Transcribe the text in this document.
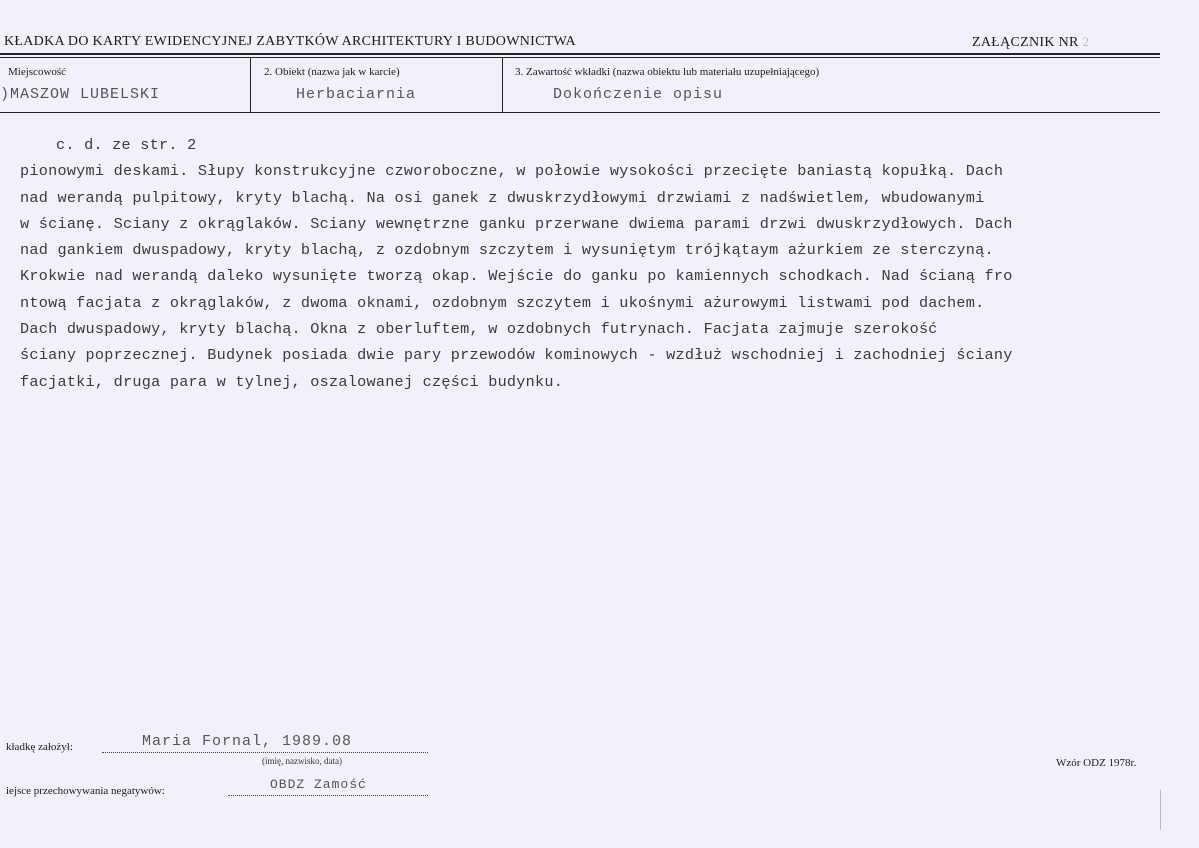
KŁADKA DO KARTY EWIDENCYJNEJ ZABYTKÓW ARCHITEKTURY I BUDOWNICTWA	ZAŁĄCZNIK NR 2
Miejscowość	2. Obiekt (nazwa jak w karcie)	3. Zawartość wkładki (nazwa obiektu lub materiału uzupełniającego)
)MASZOW LUBELSKI	Herbaciarnia	Dokończenie opisu
c. d. ze str. 2
pionowymi deskami. Słupy konstrukcyjne czworoboczne, w połowie wysokości przecięte baniastą kopułką. Dach
nad werandą pulpitowy, kryty blachą. Na osi ganek z dwuskrzydłowymi drzwiami z nadświetlem, wbudowanymi
w ścianę. Sciany z okrąglaków. Sciany wewnętrzne ganku przerwane dwiema parami drzwi dwuskrzydłowych. Dach
nad gankiem dwuspadowy, kryty blachą, z ozdobnym szczytem i wysuniętym trójkątaym ażurkiem ze sterczyną.
Krokwie nad werandą daleko wysunięte tworzą okap. Wejście do ganku po kamiennych schodkach. Nad ścianą fro
ntową facjata z okrąglaków, z dwoma oknami, ozdobnym szczytem i ukośnymi ażurowymi listwami pod dachem.
Dach dwuspadowy, kryty blachą. Okna z oberluftem, w ozdobnych futrynach. Facjata zajmuje szerokość
ściany poprzecznej. Budynek posiada dwie pary przewodów kominowych - wzdłuż wschodniej i zachodniej ściany
facjatki, druga para w tylnej, oszalowanej części budynku.
kładkę założył:	Maria Fornal, 1989.08
(imię, nazwisko, data)
iejsce przechowywania negatywów:	OBDZ Zamość
Wzór ODZ 1978r.
